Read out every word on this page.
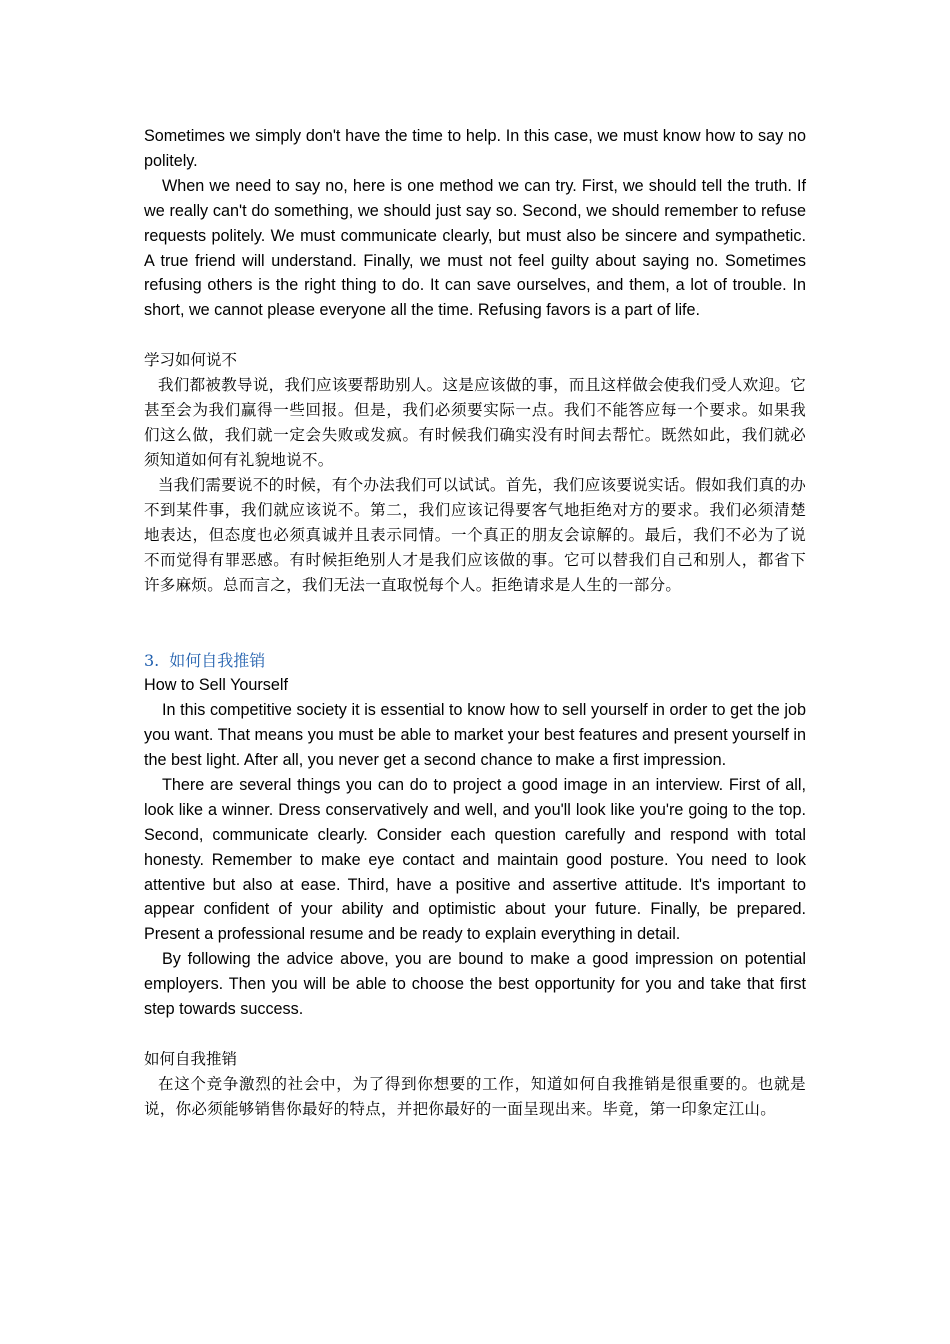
Sometimes we simply don't have the time to help. In this case, we must know how to say no politely.

When we need to say no, here is one method we can try. First, we should tell the truth. If we really can't do something, we should just say so. Second, we should remember to refuse requests politely. We must communicate clearly, but must also be sincere and sympathetic. A true friend will understand. Finally, we must not feel guilty about saying no. Sometimes refusing others is the right thing to do. It can save ourselves, and them, a lot of trouble. In short, we cannot please everyone all the time. Refusing favors is a part of life.

学习如何说不

我们都被教导说，我们应该要帮助别人。这是应该做的事，而且这样做会使我们受人欢迎。它甚至会为我们赢得一些回报。但是，我们必须要实际一点。我们不能答应每一个要求。如果我们这么做，我们就一定会失败或发疯。有时候我们确实没有时间去帮忙。既然如此，我们就必须知道如何有礼貌地说不。

当我们需要说不的时候，有个办法我们可以试试。首先，我们应该要说实话。假如我们真的办不到某件事，我们就应该说不。第二，我们应该记得要客气地拒绝对方的要求。我们必须清楚地表达，但态度也必须真诚并且表示同情。一个真正的朋友会谅解的。最后，我们不必为了说不而觉得有罪恶感。有时候拒绝别人才是我们应该做的事。它可以替我们自己和别人，都省下许多麻烦。总而言之，我们无法一直取悦每个人。拒绝请求是人生的一部分。

3. 如何自我推销

How to Sell Yourself

In this competitive society it is essential to know how to sell yourself in order to get the job you want. That means you must be able to market your best features and present yourself in the best light. After all, you never get a second chance to make a first impression.

There are several things you can do to project a good image in an interview. First of all, look like a winner. Dress conservatively and well, and you'll look like you're going to the top. Second, communicate clearly. Consider each question carefully and respond with total honesty. Remember to make eye contact and maintain good posture. You need to look attentive but also at ease. Third, have a positive and assertive attitude. It's important to appear confident of your ability and optimistic about your future. Finally, be prepared. Present a professional resume and be ready to explain everything in detail.

By following the advice above, you are bound to make a good impression on potential employers. Then you will be able to choose the best opportunity for you and take that first step towards success.

如何自我推销

在这个竞争激烈的社会中，为了得到你想要的工作，知道如何自我推销是很重要的。也就是说，你必须能够销售你最好的特点，并把你最好的一面呈现出来。毕竟，第一印象定江山。
